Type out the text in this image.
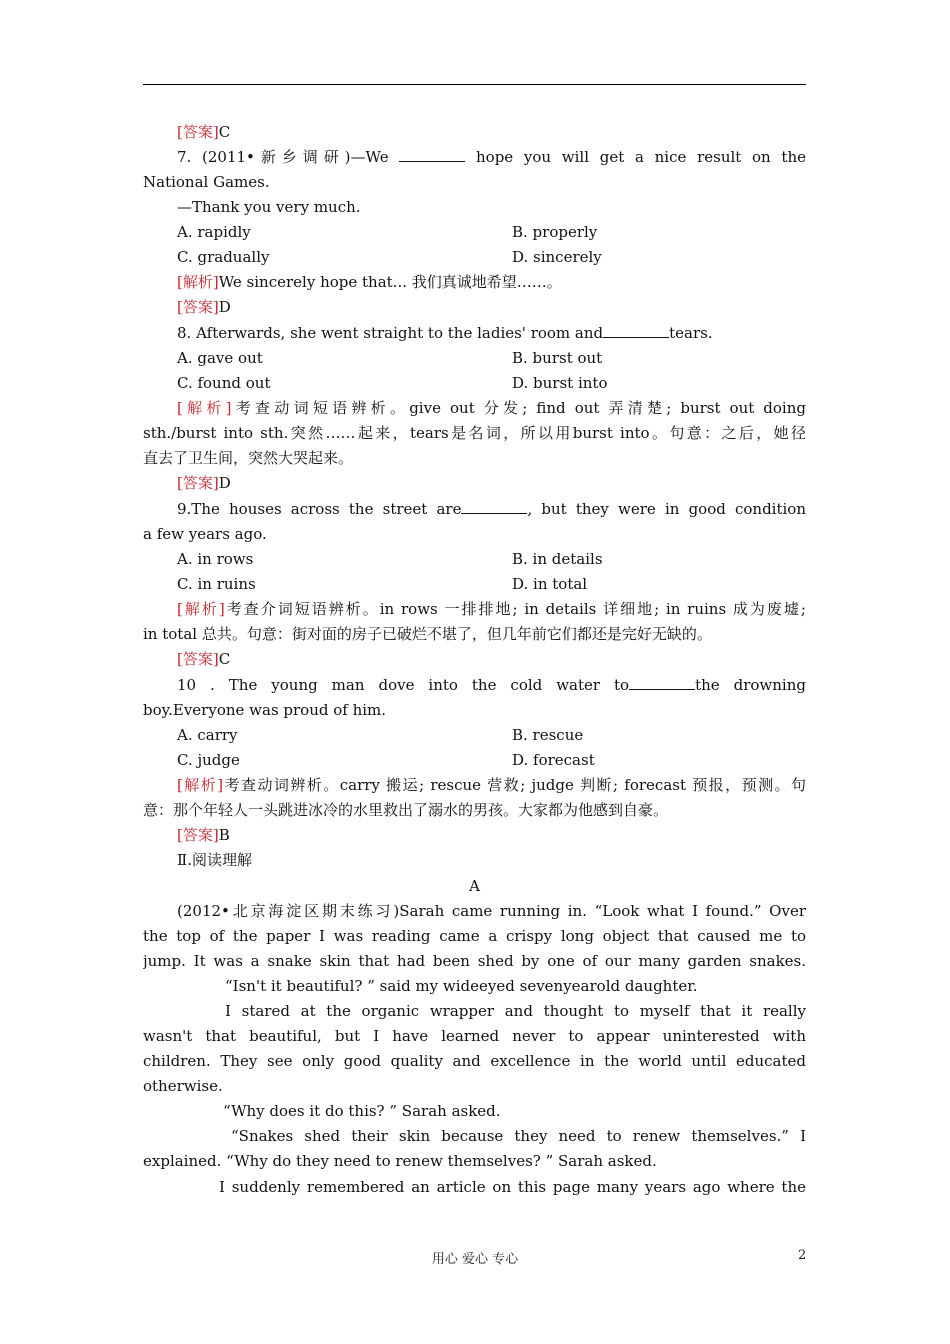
[答案]C
7. (2011•新乡调研)—We	hope you will get a nice result on the
National Games.
—Thank you very much.
A. rapidly	B. properly
C. gradually	D. sincerely
[解析]We sincerely hope that... 我们真诚地希望……。
[答案]D
8. Afterwards, she went straight to the ladies' room and	tears.
A. gave out	B. burst out
C. found out	D. burst into
[解析]考查动词短语辨析。give out 分发; find out 弄清楚; burst out doing
sth./burst into sth.突然……起来，tears是名词，所以用burst into。句意：之后，她径
直去了卫生间，突然大哭起来。
[答案]D
9.The houses across the street are	, but they were in good condition
a few years ago.
A. in rows	B. in details
C. in ruins	D. in total
[解析]考查介词短语辨析。in rows 一排排地; in details 详细地; in ruins 成为废墟;
in total 总共。句意：街对面的房子已破烂不堪了，但几年前它们都还是完好无缺的。
[答案]C
10 . The young man dove into the cold water to	the drowning
boy.Everyone was proud of him.
A. carry	B. rescue
C. judge	D. forecast
[解析]考查动词辨析。carry 搬运; rescue 营救; judge 判断; forecast 预报，预测。句
意：那个年轻人一头跳进冰冷的水里救出了溺水的男孩。大家都为他感到自豪。
[答案]B
Ⅱ.阅读理解
A
(2012•北京海淀区期末练习)Sarah came running in. “Look what I found.” Over
the top of the paper I was reading came a crispy long object that caused me to
jump. It was a snake skin that had been shed by one of our many garden snakes.
“Isn't it beautiful? ” said my wideeyed sevenyearold daughter.
I stared at the organic wrapper and thought to myself that it really
wasn't that beautiful, but I have learned never to appear uninterested with
children. They see only good quality and excellence in the world until educated
otherwise.
“Why does it do this? ” Sarah asked.
“Snakes shed their skin because they need to renew themselves.” I
explained. “Why do they need to renew themselves? ” Sarah asked.
I suddenly remembered an article on this page many years ago where the
用心 爱心 专心	2
